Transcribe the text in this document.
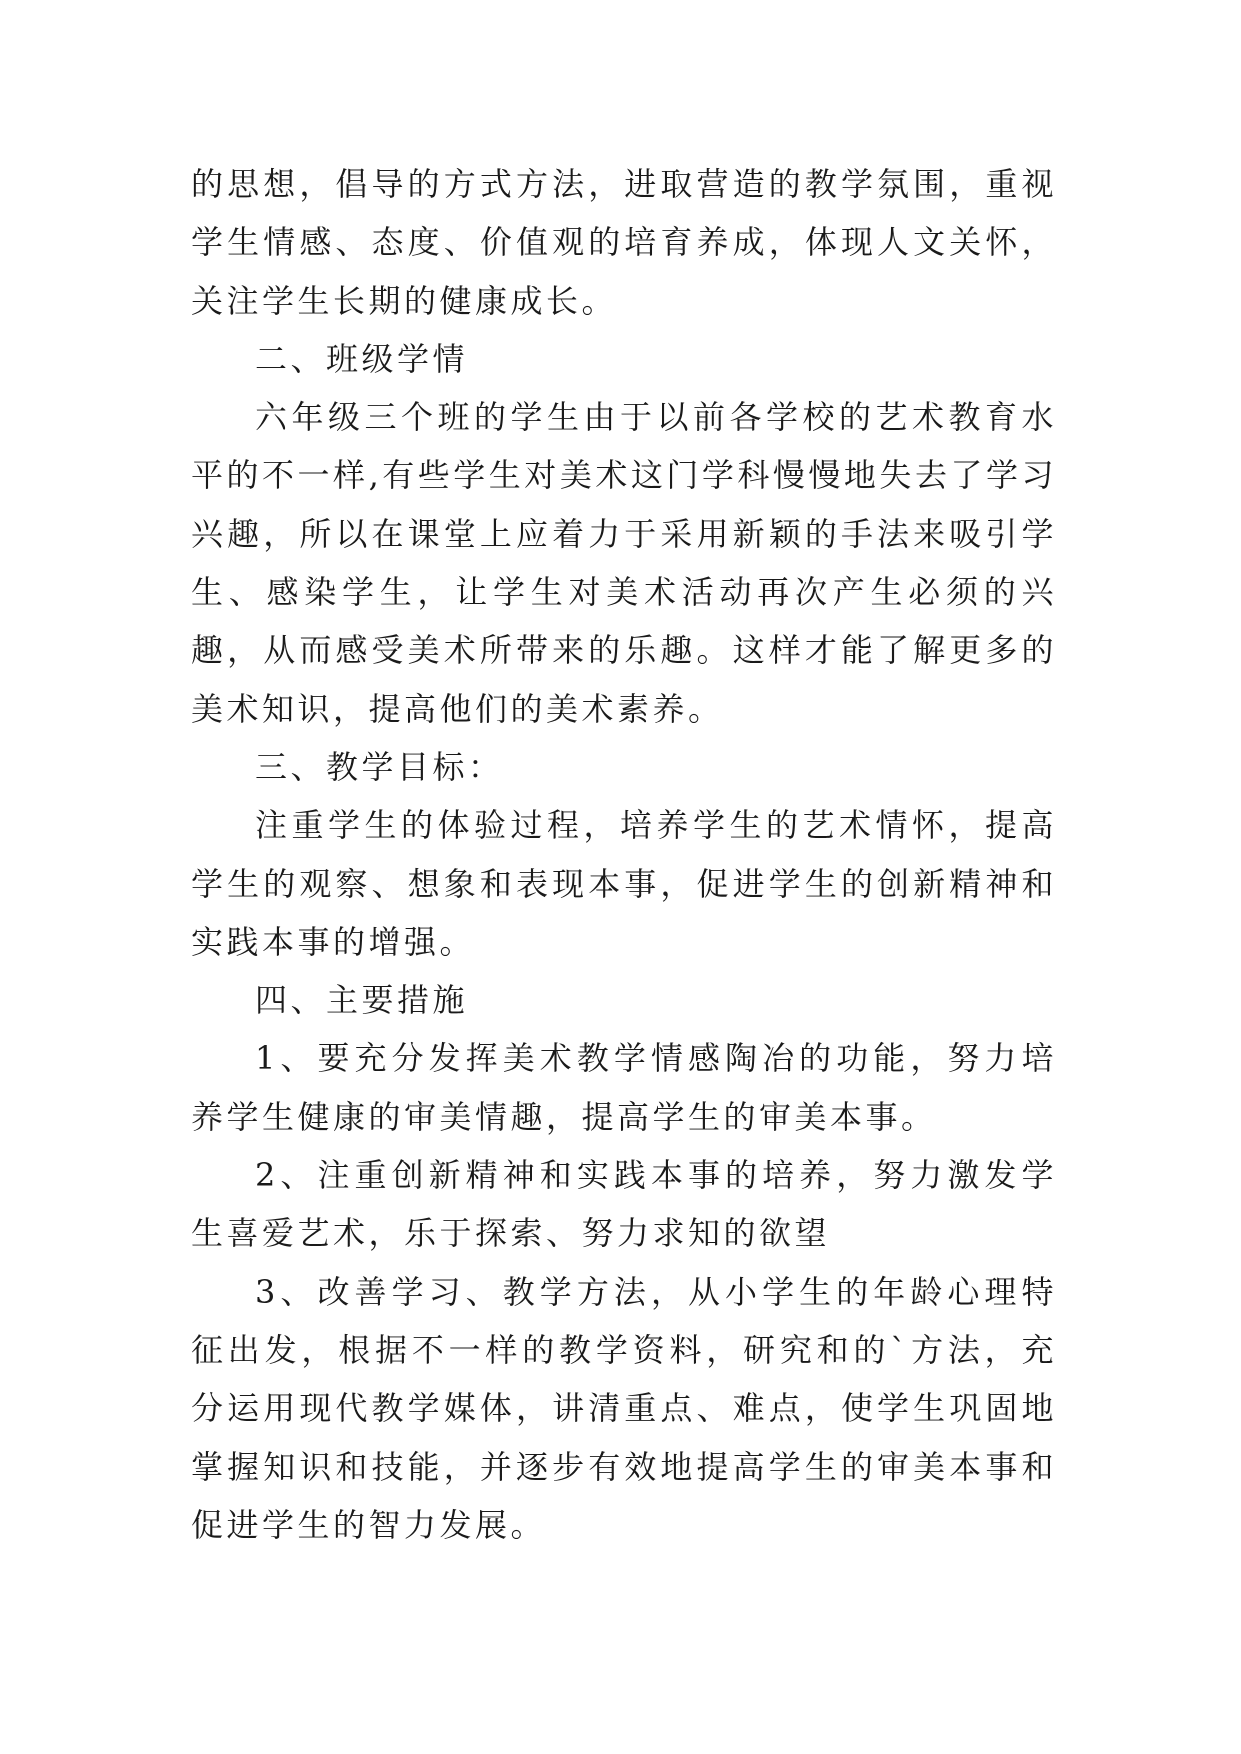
的思想，倡导的方式方法，进取营造的教学氛围，重视学生情感、态度、价值观的培育养成，体现人文关怀，关注学生长期的健康成长。

二、班级学情

六年级三个班的学生由于以前各学校的艺术教育水平的不一样,有些学生对美术这门学科慢慢地失去了学习兴趣，所以在课堂上应着力于采用新颖的手法来吸引学生、感染学生，让学生对美术活动再次产生必须的兴趣，从而感受美术所带来的乐趣。这样才能了解更多的美术知识，提高他们的美术素养。

三、教学目标：

注重学生的体验过程，培养学生的艺术情怀，提高学生的观察、想象和表现本事，促进学生的创新精神和实践本事的增强。

四、主要措施

1、要充分发挥美术教学情感陶冶的功能，努力培养学生健康的审美情趣，提高学生的审美本事。

2、注重创新精神和实践本事的培养，努力激发学生喜爱艺术，乐于探索、努力求知的欲望

3、改善学习、教学方法，从小学生的年龄心理特征出发，根据不一样的教学资料，研究和的`方法，充分运用现代教学媒体，讲清重点、难点，使学生巩固地掌握知识和技能，并逐步有效地提高学生的审美本事和促进学生的智力发展。
